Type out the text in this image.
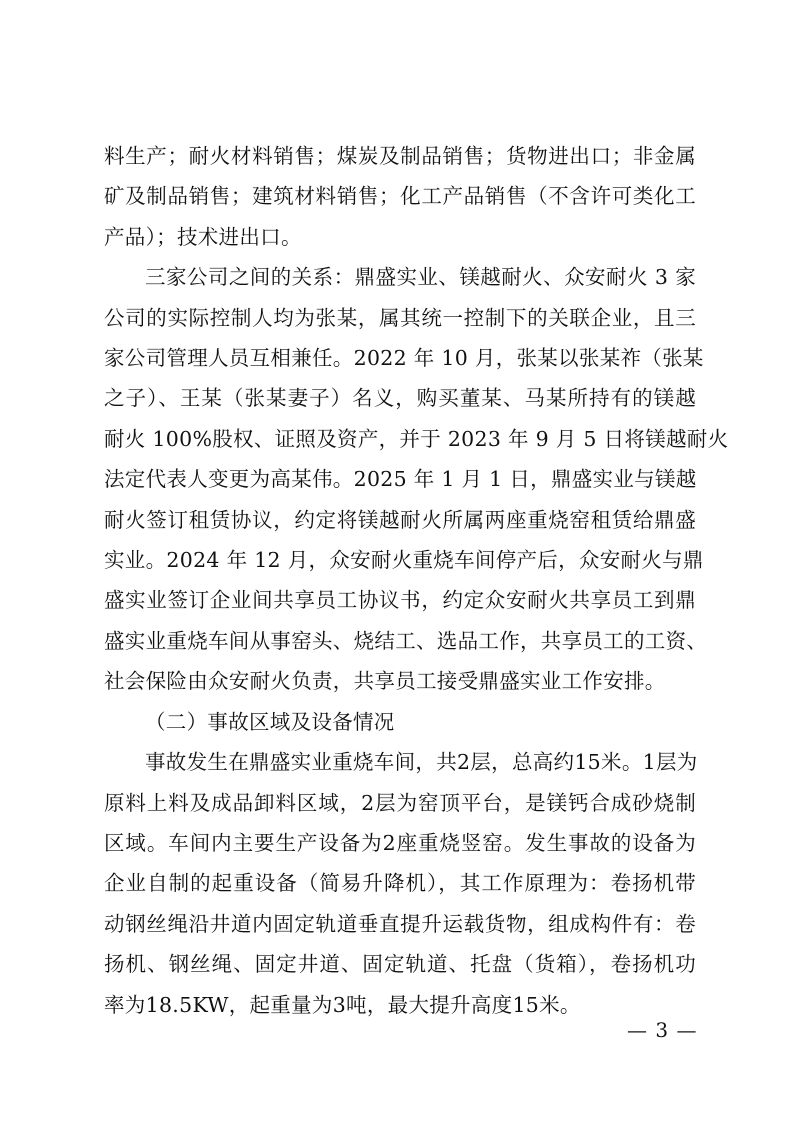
料生产；耐火材料销售；煤炭及制品销售；货物进出口；非金属
矿及制品销售；建筑材料销售；化工产品销售（不含许可类化工
产品）；技术进出口。

三家公司之间的关系：鼎盛实业、镁越耐火、众安耐火 3 家
公司的实际控制人均为张某，属其统一控制下的关联企业，且三
家公司管理人员互相兼任。2022 年 10 月，张某以张某祚（张某
之子）、王某（张某妻子）名义，购买董某、马某所持有的镁越
耐火 100%股权、证照及资产，并于 2023 年 9 月 5 日将镁越耐火
法定代表人变更为高某伟。2025 年 1 月 1 日，鼎盛实业与镁越
耐火签订租赁协议，约定将镁越耐火所属两座重烧窑租赁给鼎盛
实业。2024 年 12 月，众安耐火重烧车间停产后，众安耐火与鼎
盛实业签订企业间共享员工协议书，约定众安耐火共享员工到鼎
盛实业重烧车间从事窑头、烧结工、选品工作，共享员工的工资、
社会保险由众安耐火负责，共享员工接受鼎盛实业工作安排。

（二）事故区域及设备情况

事故发生在鼎盛实业重烧车间，共2层，总高约15米。1层为
原料上料及成品卸料区域，2层为窑顶平台，是镁钙合成砂烧制
区域。车间内主要生产设备为2座重烧竖窑。发生事故的设备为
企业自制的起重设备（简易升降机），其工作原理为：卷扬机带
动钢丝绳沿井道内固定轨道垂直提升运载货物，组成构件有：卷
扬机、钢丝绳、固定井道、固定轨道、托盘（货箱），卷扬机功
率为18.5KW，起重量为3吨，最大提升高度15米。

— 3 —
